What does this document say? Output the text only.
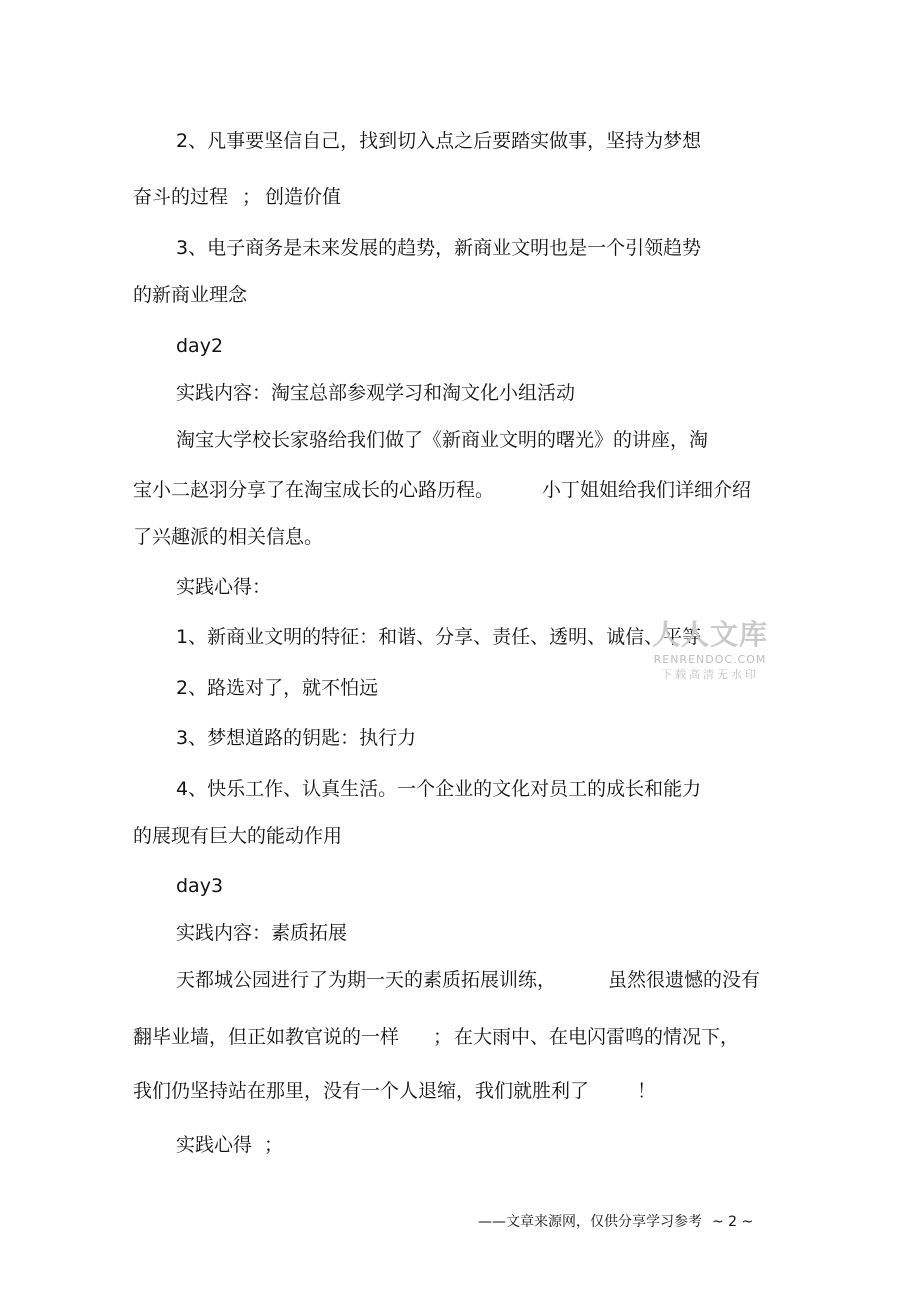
2、凡事要坚信自己，找到切入点之后要踏实做事，坚持为梦想

奋斗的过程 ； 创造价值

3、电子商务是未来发展的趋势，新商业文明也是一个引领趋势

的新商业理念

day2

实践内容：淘宝总部参观学习和淘文化小组活动

淘宝大学校长家骆给我们做了《新商业文明的曙光》的讲座，淘

宝小二赵羽分享了在淘宝成长的心路历程。	小丁姐姐给我们详细介绍

了兴趣派的相关信息。

实践心得：

1、新商业文明的特征：和谐、分享、责任、透明、诚信、平等

2、路选对了，就不怕远

3、梦想道路的钥匙：执行力

4、快乐工作、认真生活。一个企业的文化对员工的成长和能力

的展现有巨大的能动作用

day3

实践内容：素质拓展

天都城公园进行了为期一天的素质拓展训练，	虽然很遗憾的没有

翻毕业墙，但正如教官说的一样 ； 在大雨中、在电闪雷鸣的情况下，

我们仍坚持站在那里，没有一个人退缩，我们就胜利了	！

实践心得 ；

人人文库
RENRENDOC.COM
下载高清无水印
——文章来源网，仅供分享学习参考 ~ 2 ~
